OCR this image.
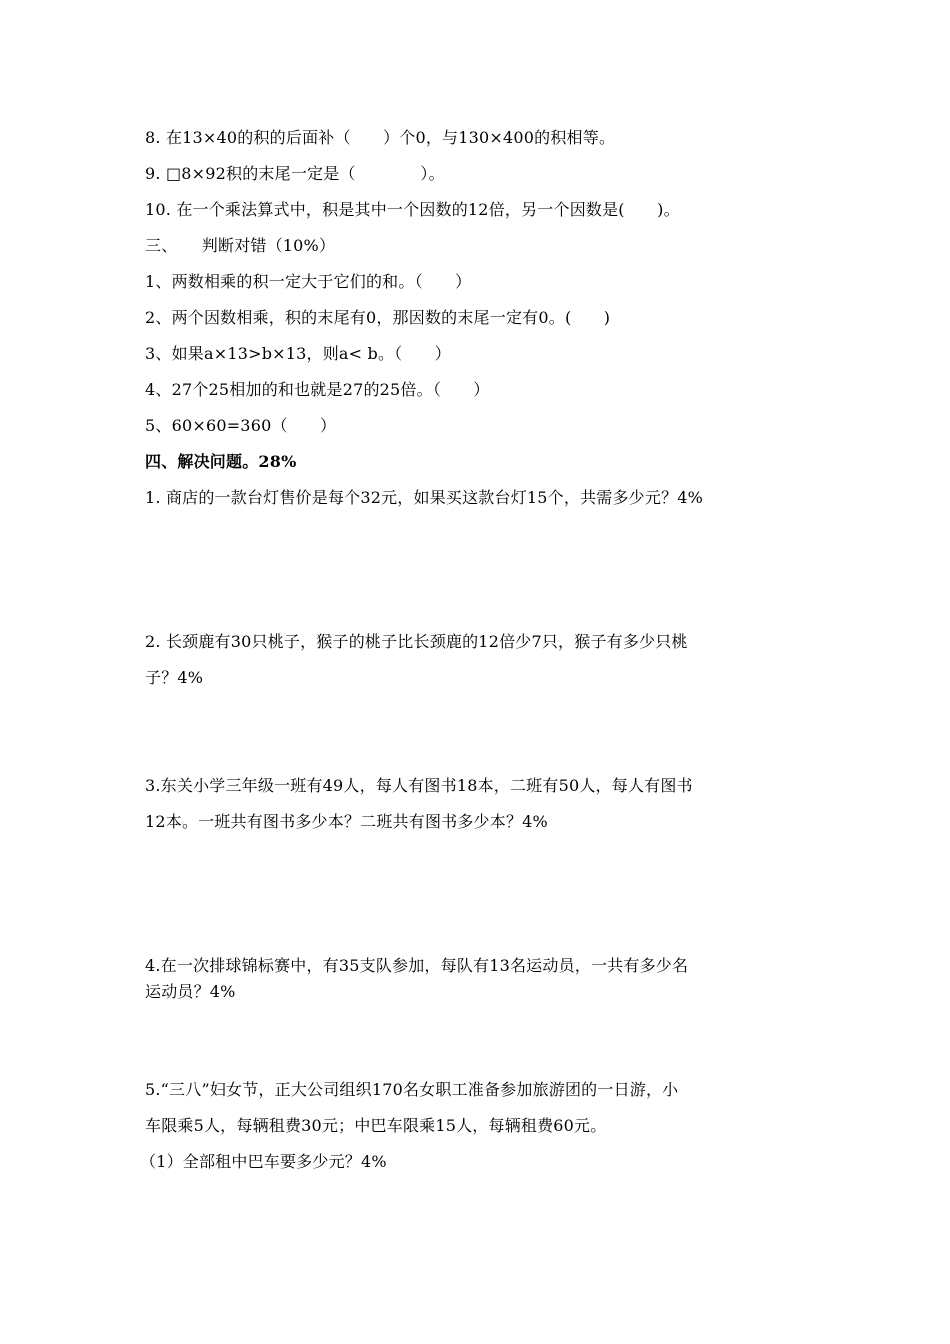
8. 在13×40的积的后面补（　　）个0，与130×400的积相等。
9. □8×92积的末尾一定是（　　　　）。
10. 在一个乘法算式中，积是其中一个因数的12倍，另一个因数是(　　)。
三、　　判断对错（10%）
1、两数相乘的积一定大于它们的和。（　　）
2、两个因数相乘，积的末尾有0，那因数的末尾一定有0。(　　)
3、如果a×13>b×13，则a< b。（　　）
4、27个25相加的和也就是27的25倍。（　　）
5、60×60=360（　　）
四、解决问题。28%
1. 商店的一款台灯售价是每个32元，如果买这款台灯15个，共需多少元？4%
2. 长颈鹿有30只桃子，猴子的桃子比长颈鹿的12倍少7只，猴子有多少只桃
子？4%
3.东关小学三年级一班有49人，每人有图书18本，二班有50人，每人有图书
12本。一班共有图书多少本？二班共有图书多少本？4%
4.在一次排球锦标赛中，有35支队参加，每队有13名运动员，一共有多少名
运动员？4%
5.“三八”妇女节，正大公司组织170名女职工准备参加旅游团的一日游，小
车限乘5人，每辆租费30元；中巴车限乘15人，每辆租费60元。
（1）全部租中巴车要多少元？4%
